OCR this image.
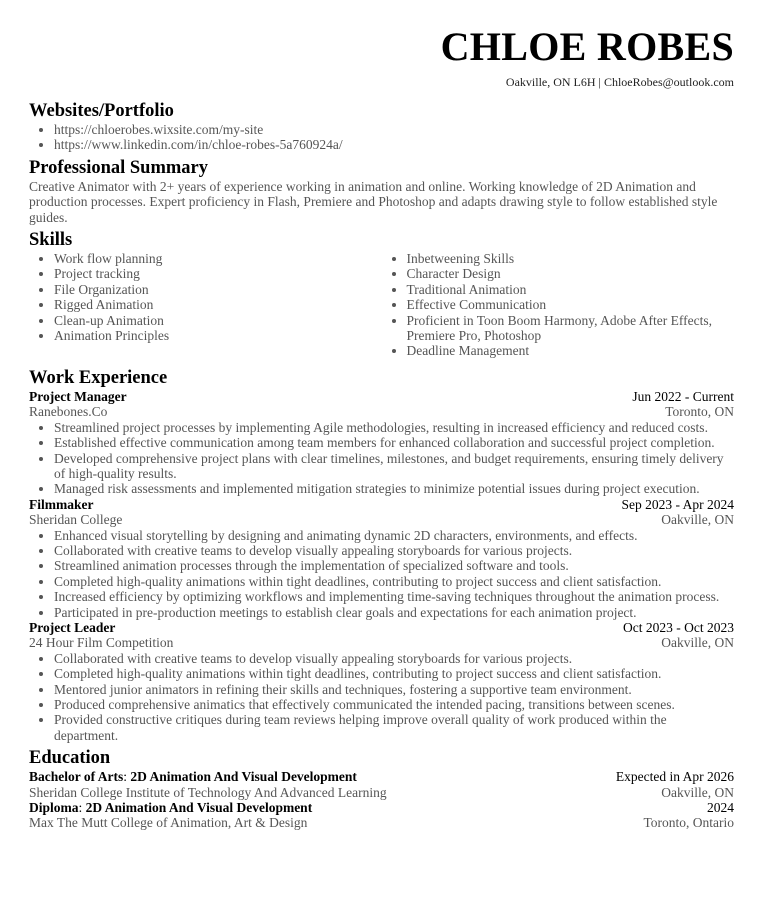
CHLOE ROBES
Oakville, ON L6H | ChloeRobes@outlook.com
Websites/Portfolio
• https://chloerobes.wixsite.com/my-site
• https://www.linkedin.com/in/chloe-robes-5a760924a/
Professional Summary
Creative Animator with 2+ years of experience working in animation and online. Working knowledge of 2D Animation and production processes. Expert proficiency in Flash, Premiere and Photoshop and adapts drawing style to follow established style guides.
Skills
• Work flow planning
• Project tracking
• File Organization
• Rigged Animation
• Clean-up Animation
• Animation Principles
• Inbetweening Skills
• Character Design
• Traditional Animation
• Effective Communication
• Proficient in Toon Boom Harmony, Adobe After Effects, Premiere Pro, Photoshop
• Deadline Management
Work Experience
Project Manager	Jun 2022 - Current
Ranebones.Co	Toronto, ON
• Streamlined project processes by implementing Agile methodologies, resulting in increased efficiency and reduced costs.
• Established effective communication among team members for enhanced collaboration and successful project completion.
• Developed comprehensive project plans with clear timelines, milestones, and budget requirements, ensuring timely delivery of high-quality results.
• Managed risk assessments and implemented mitigation strategies to minimize potential issues during project execution.
Filmmaker	Sep 2023 - Apr 2024
Sheridan College	Oakville, ON
• Enhanced visual storytelling by designing and animating dynamic 2D characters, environments, and effects.
• Collaborated with creative teams to develop visually appealing storyboards for various projects.
• Streamlined animation processes through the implementation of specialized software and tools.
• Completed high-quality animations within tight deadlines, contributing to project success and client satisfaction.
• Increased efficiency by optimizing workflows and implementing time-saving techniques throughout the animation process.
• Participated in pre-production meetings to establish clear goals and expectations for each animation project.
Project Leader	Oct 2023 - Oct 2023
24 Hour Film Competition	Oakville, ON
• Collaborated with creative teams to develop visually appealing storyboards for various projects.
• Completed high-quality animations within tight deadlines, contributing to project success and client satisfaction.
• Mentored junior animators in refining their skills and techniques, fostering a supportive team environment.
• Produced comprehensive animatics that effectively communicated the intended pacing, transitions between scenes.
• Provided constructive critiques during team reviews helping improve overall quality of work produced within the department.
Education
Bachelor of Arts: 2D Animation And Visual Development	Expected in Apr 2026
Sheridan College Institute of Technology And Advanced Learning	Oakville, ON
Diploma: 2D Animation And Visual Development	2024
Max The Mutt College of Animation, Art & Design	Toronto, Ontario
